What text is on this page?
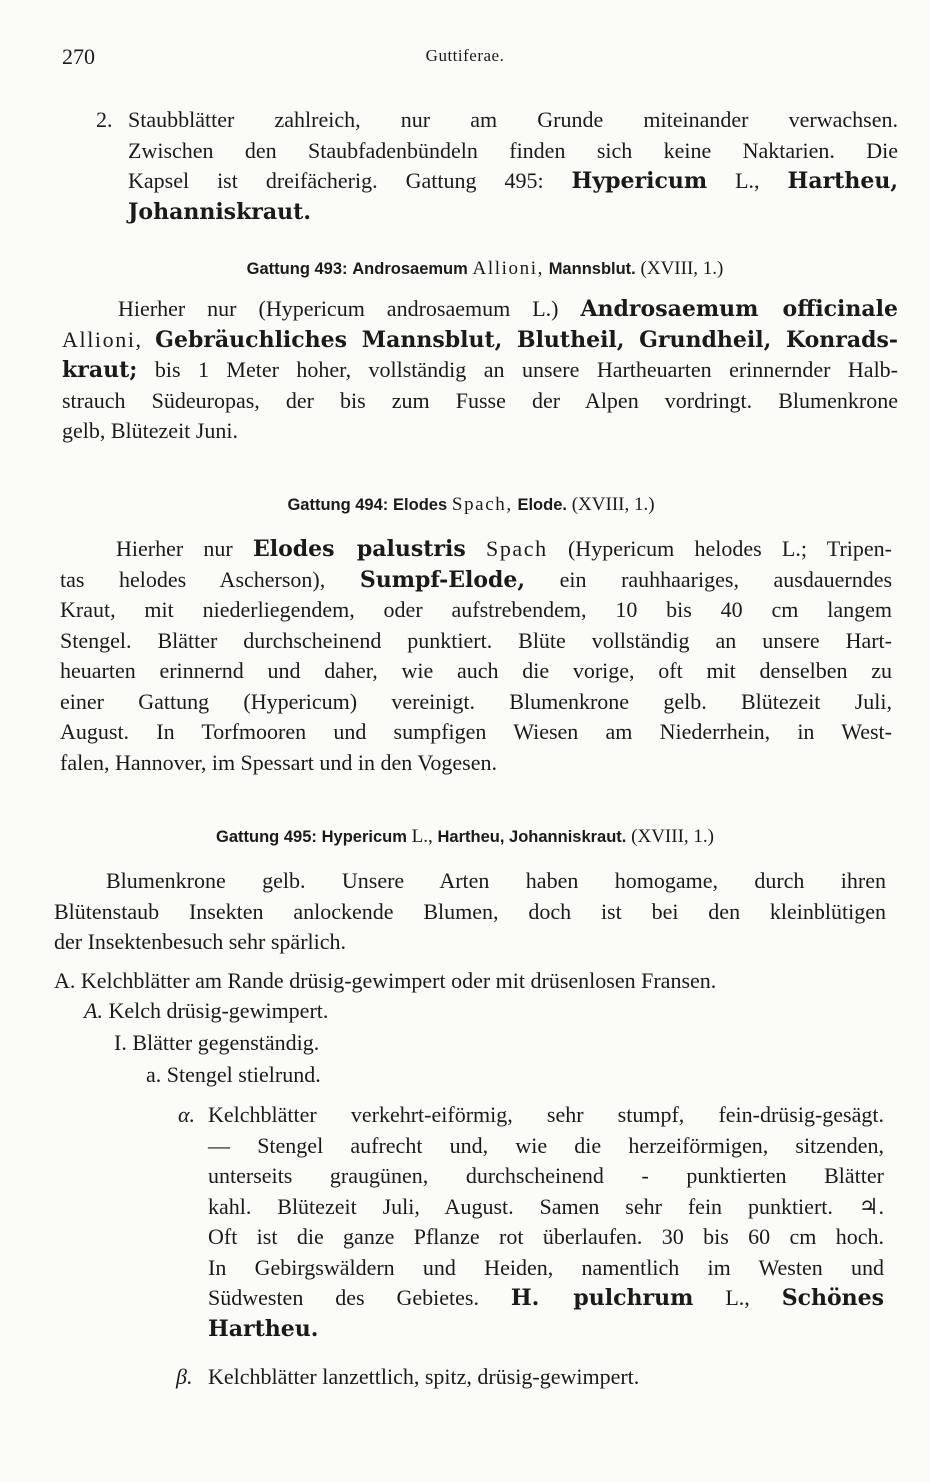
270	Guttiferae.
2. Staubblätter zahlreich, nur am Grunde miteinander verwachsen.
Zwischen den Staubfadenbündeln finden sich keine Naktarien. Die
Kapsel ist dreifächerig. Gattung 495: Hypericum L., Hartheu,
Johanniskraut.
Gattung 493: Androsaemum Allioni, Mannsblut. (XVIII, 1.)
Hierher nur (Hypericum androsaemum L.) Androsaemum officinale
Allioni, Gebräuchliches Mannsblut, Blutheil, Grundheil, Konrads-
kraut; bis 1 Meter hoher, vollständig an unsere Hartheuarten erinnernder Halb-
strauch Südeuropas, der bis zum Fusse der Alpen vordringt. Blumenkrone
gelb, Blütezeit Juni.
Gattung 494: Elodes Spach, Elode. (XVIII, 1.)
Hierher nur Elodes palustris Spach (Hypericum helodes L.; Tripen-
tas helodes Ascherson), Sumpf-Elode, ein rauhhaariges, ausdauerndes
Kraut, mit niederliegendem, oder aufstrebendem, 10 bis 40 cm langem
Stengel. Blätter durchscheinend punktiert. Blüte vollständig an unsere Hart-
heuarten erinnernd und daher, wie auch die vorige, oft mit denselben zu
einer Gattung (Hypericum) vereinigt. Blumenkrone gelb. Blütezeit Juli,
August. In Torfmooren und sumpfigen Wiesen am Niederrhein, in West-
falen, Hannover, im Spessart und in den Vogesen.
Gattung 495: Hypericum L., Hartheu, Johanniskraut. (XVIII, 1.)
Blumenkrone gelb. Unsere Arten haben homogame, durch ihren
Blütenstaub Insekten anlockende Blumen, doch ist bei den kleinblütigen
der Insektenbesuch sehr spärlich.
A. Kelchblätter am Rande drüsig-gewimpert oder mit drüsenlosen Fransen.
A. Kelch drüsig-gewimpert.
I. Blätter gegenständig.
a. Stengel stielrund.
α. Kelchblätter verkehrt-eiförmig, sehr stumpf, fein-drüsig-gesägt.
— Stengel aufrecht und, wie die herzeiförmigen, sitzenden,
unterseits graugünen, durchscheinend - punktierten Blätter
kahl. Blütezeit Juli, August. Samen sehr fein punktiert. ♃.
Oft ist die ganze Pflanze rot überlaufen. 30 bis 60 cm hoch.
In Gebirgswäldern und Heiden, namentlich im Westen und
Südwesten des Gebietes. H. pulchrum L., Schönes
Hartheu.
β. Kelchblätter lanzettlich, spitz, drüsig-gewimpert.
